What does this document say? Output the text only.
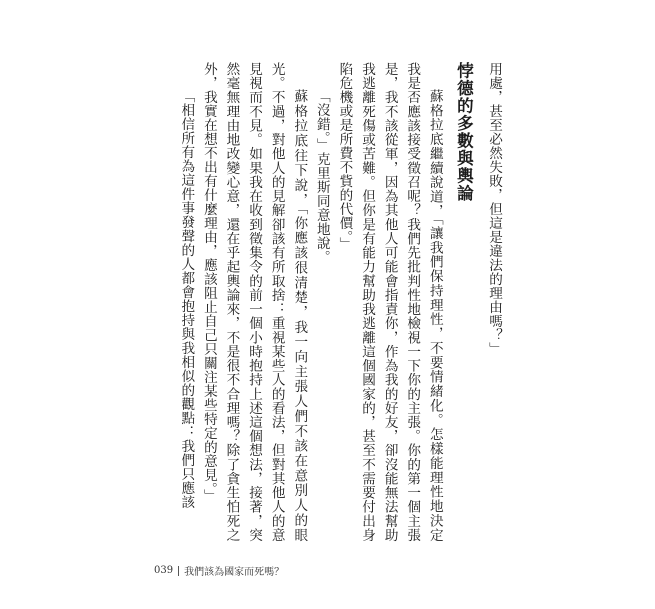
用處，甚至必然失敗，但這是違法的理由嗎？」

悖德的多數與輿論

蘇格拉底繼續說道，「讓我們保持理性，不要情緒化。怎樣能理性地決定我是否應該接受徵召呢？我們先批判性地檢視一下你的主張。你的第一個主張是，我不該從軍，因為其他人可能會指責你，作為我的好友，卻沒能無法幫助我逃離死傷或苦難。但你是有能力幫助我逃離這個國家的，甚至不需要付出身陷危機或是所費不貲的代價。」

「沒錯。」克里斯同意地說。

蘇格拉底往下說，「你應該很清楚，我一向主張人們不該在意別人的眼光。不過，對他人的見解卻該有所取捨：重視某些人的看法，但對其他人的意見視而不見。如果我在收到徵集令的前一個小時抱持上述這個想法，接著，突然毫無理由地改變心意，還在乎起輿論來，不是很不合理嗎？除了貪生怕死之外，我實在想不出有什麼理由，應該阻止自己只關注某些特定的意見。」

「相信所有為這件事發聲的人都會抱持與我相似的觀點：我們只應該

039 我們該為國家而死嗎？
